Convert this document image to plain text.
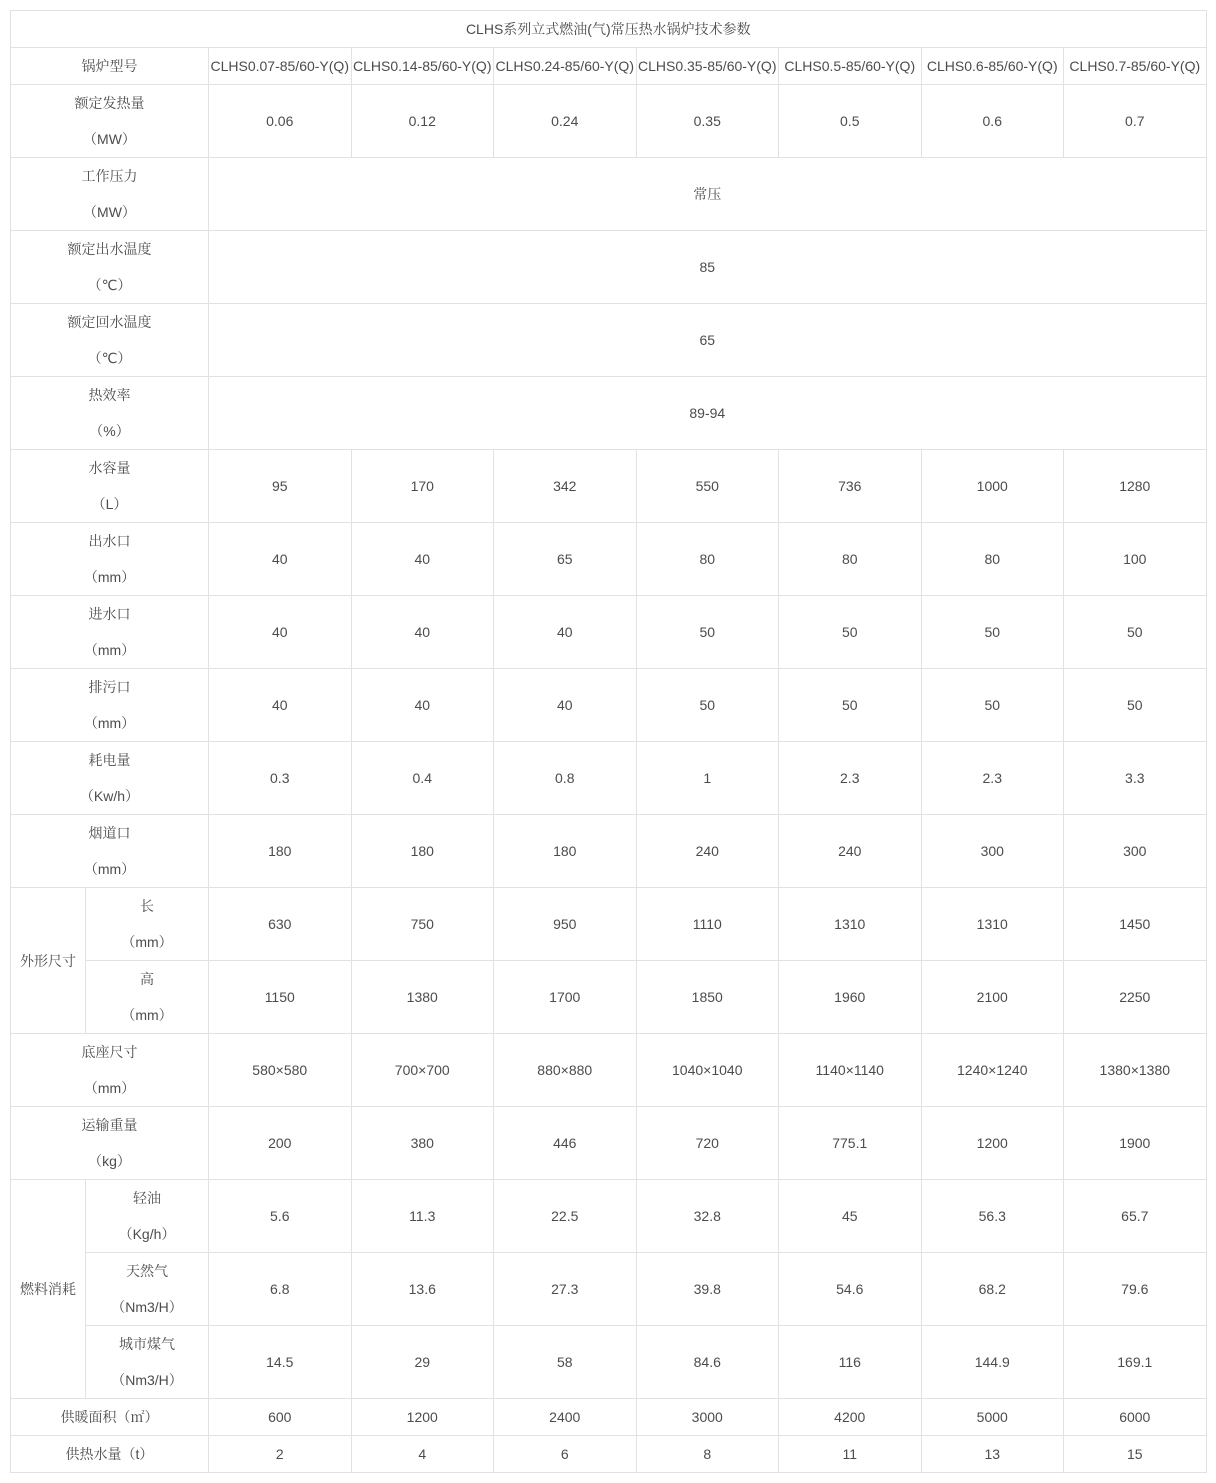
CLHS系列立式燃油(气)常压热水锅炉技术参数								
锅炉型号		CLHS0.07-85/60-Y(Q)	CLHS0.14-85/60-Y(Q)	CLHS0.24-85/60-Y(Q)	CLHS0.35-85/60-Y(Q)	CLHS0.5-85/60-Y(Q)	CLHS0.6-85/60-Y(Q)	CLHS0.7-85/60-Y(Q)

额定发热量
（MW）		0.06	0.12	0.24	0.35	0.5	0.6	0.7

工作压力
（MW）		常压						

额定出水温度
（℃）		85						

额定回水温度
（℃）		65						

热效率
（%）		89-94						

水容量
（L）		95	170	342	550	736	1000	1280

出水口
（mm）		40	40	65	80	80	80	100

进水口
（mm）		40	40	40	50	50	50	50

排污口
（mm）		40	40	40	50	50	50	50

耗电量
（Kw/h）		0.3	0.4	0.8	1	2.3	2.3	3.3

烟道口
（mm）		180	180	180	240	240	300	300
外形尺寸	长
（mm）	630	750	950	1110	1310	1310	1450

	高
（mm）	1150	1380	1700	1850	1960	2100	2250

底座尺寸
（mm）		580×580	700×700	880×880	1040×1040	1140×1140	1240×1240	1380×1380

运输重量
（kg）		200	380	446	720	775.1	1200	1900
燃料消耗	轻油
（Kg/h）	5.6	11.3	22.5	32.8	45	56.3	65.7

	天然气
（Nm3/H）	6.8	13.6	27.3	39.8	54.6	68.2	79.6

	城市煤气
（Nm3/H）	14.5	29	58	84.6	116	144.9	169.1
供暖面积（㎡）		600	1200	2400	3000	4200	5000	6000
供热水量（t）		2	4	6	8	11	13	15
